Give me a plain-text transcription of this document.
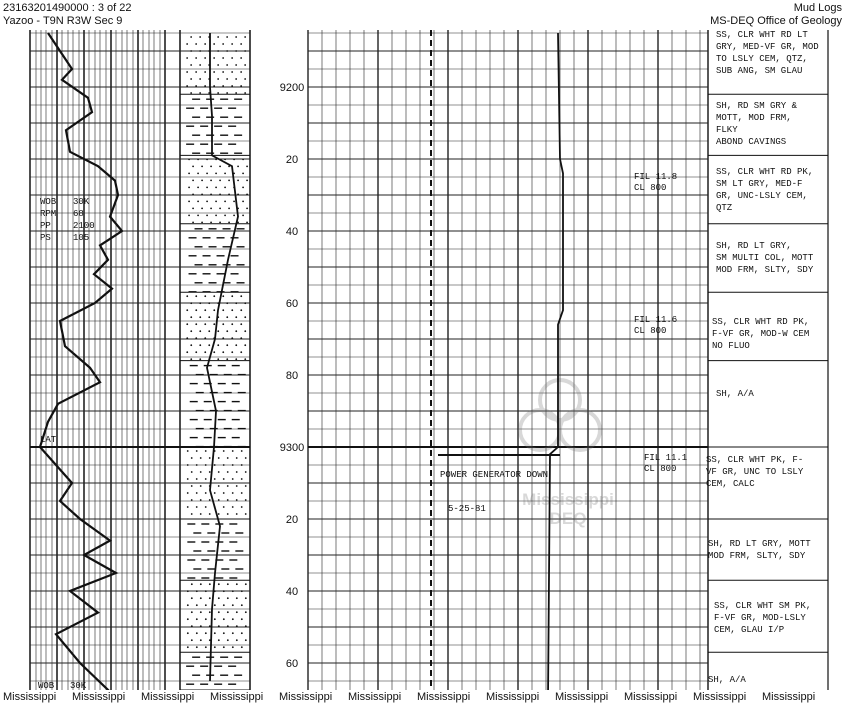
23163201490000 : 3 of 22
Yazoo - T9N R3W Sec 9
Mud Logs
MS-DEQ Office of Geology
Mississippi
DEQ
9200
20
40
60
80
9300
20
40
60
WOB 30K
RPM 68
PP 2100
PS 105
WOB 30K
LAT
FIL 11.8
CL 800
FIL 11.6
CL 800
FIL 11.1
CL 800
POWER GENERATOR DOWN
5-25-81
SS, CLR WHT RD LT
GRY, MED-VF GR, MOD
TO LSLY CEM, QTZ,
SUB ANG, SM GLAU
SH, RD SM GRY &
MOTT, MOD FRM,
FLKY
ABOND CAVINGS
SS, CLR WHT RD PK,
SM LT GRY, MED-F
GR, UNC-LSLY CEM,
QTZ
SH, RD LT GRY,
SM MULTI COL, MOTT
MOD FRM, SLTY, SDY
SS, CLR WHT RD PK,
F-VF GR, MOD-W CEM
NO FLUO
SH, A/A
SS, CLR WHT PK, F-
VF GR, UNC TO LSLY
CEM, CALC
SH, RD LT GRY, MOTT
MOD FRM, SLTY, SDY
SS, CLR WHT SM PK,
F-VF GR, MOD-LSLY
CEM, GLAU I/P
SH, A/A
Mississippi Mississippi Mississippi Mississippi Mississippi Mississippi Mississippi Mississippi Mississippi Mississippi Mississippi Mississippi
